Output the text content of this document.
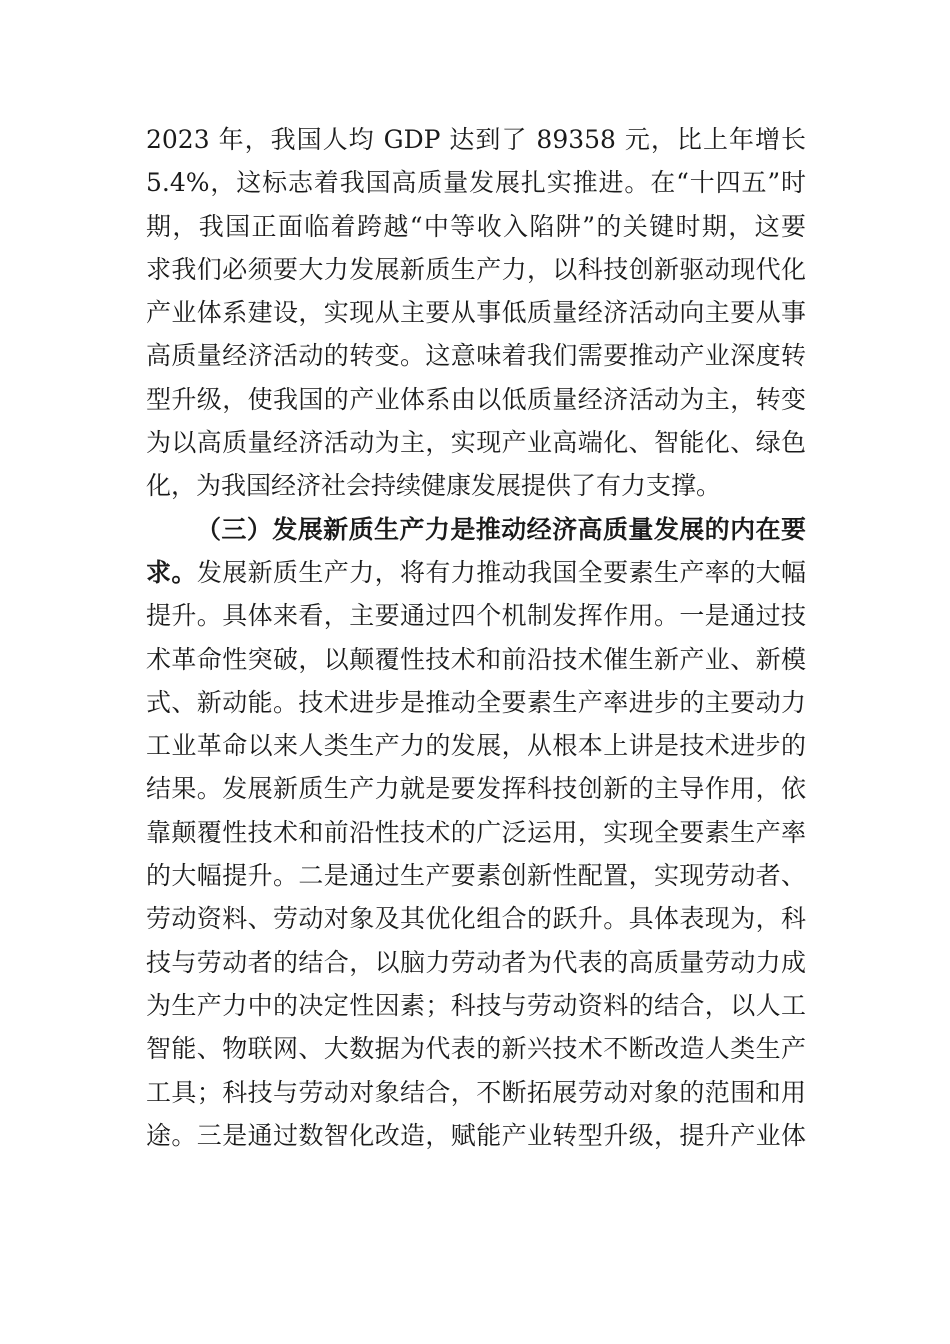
2023 年，我国人均 GDP 达到了 89358 元，比上年增长
5.4%，这标志着我国高质量发展扎实推进。在“十四五”时
期，我国正面临着跨越“中等收入陷阱”的关键时期，这要
求我们必须要大力发展新质生产力，以科技创新驱动现代化
产业体系建设，实现从主要从事低质量经济活动向主要从事
高质量经济活动的转变。这意味着我们需要推动产业深度转
型升级，使我国的产业体系由以低质量经济活动为主，转变
为以高质量经济活动为主，实现产业高端化、智能化、绿色
化，为我国经济社会持续健康发展提供了有力支撑。
（三）发展新质生产力是推动经济高质量发展的内在要
求。发展新质生产力，将有力推动我国全要素生产率的大幅
提升。具体来看，主要通过四个机制发挥作用。一是通过技
术革命性突破，以颠覆性技术和前沿技术催生新产业、新模
式、新动能。技术进步是推动全要素生产率进步的主要动力
工业革命以来人类生产力的发展，从根本上讲是技术进步的
结果。发展新质生产力就是要发挥科技创新的主导作用，依
靠颠覆性技术和前沿性技术的广泛运用，实现全要素生产率
的大幅提升。二是通过生产要素创新性配置，实现劳动者、
劳动资料、劳动对象及其优化组合的跃升。具体表现为，科
技与劳动者的结合，以脑力劳动者为代表的高质量劳动力成
为生产力中的决定性因素；科技与劳动资料的结合，以人工
智能、物联网、大数据为代表的新兴技术不断改造人类生产
工具；科技与劳动对象结合，不断拓展劳动对象的范围和用
途。三是通过数智化改造，赋能产业转型升级，提升产业体
